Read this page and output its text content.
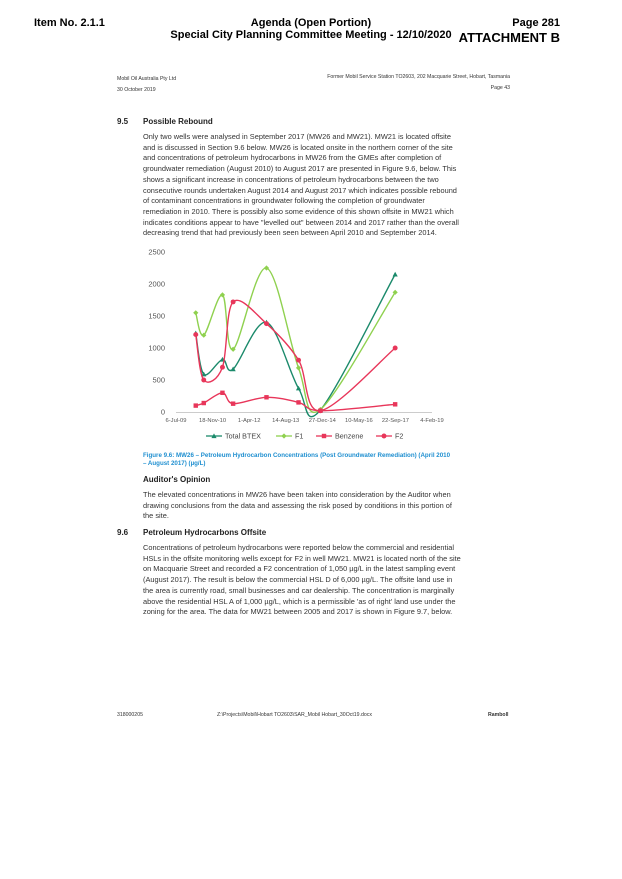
Item No. 2.1.1	Agenda (Open Portion)
Special City Planning Committee Meeting - 12/10/2020
Page 281
ATTACHMENT B
Mobil Oil Australia Pty Ltd
30 October 2019
Former Mobil Service Station TO2603, 202 Macquarie Street, Hobart, Tasmania
Page 43
9.5 Possible Rebound

Only two wells were analysed in September 2017 (MW26 and MW21). MW21 is located offsite

and is discussed in Section 9.6 below. MW26 is located onsite in the northern corner of the site

and concentrations of petroleum hydrocarbons in MW26 from the GMEs after completion of

groundwater remediation (August 2010) to August 2017 are presented in Figure 9.6, below. This

shows a significant increase in concentrations of petroleum hydrocarbons between the two

consecutive rounds undertaken August 2014 and August 2017 which indicates possible rebound

of contaminant concentrations in groundwater following the completion of groundwater

remediation in 2010. There is possibly also some evidence of this shown offsite in MW21 which

indicates conditions appear to have "levelled out" between 2014 and 2017 rather than the overall

decreasing trend that had previously been seen between April 2010 and September 2014.

2500
2000
1500
1000
500
0
6-Jul-09 18-Nov-10 1-Apr-12 14-Aug-13 27-Dec-14 10-May-16 22-Sep-17 4-Feb-19
Total BTEX	F1	Benzene	F2

Figure 9.6: MW26 – Petroleum Hydrocarbon Concentrations (Post Groundwater Remediation) (April 2010

– August 2017) (µg/L)

Auditor's Opinion

The elevated concentrations in MW26 have been taken into consideration by the Auditor when

drawing conclusions from the data and assessing the risk posed by conditions in this portion of

the site.

9.6 Petroleum Hydrocarbons Offsite

Concentrations of petroleum hydrocarbons were reported below the commercial and residential

HSLs in the offsite monitoring wells except for F2 in well MW21. MW21 is located north of the site

on Macquarie Street and recorded a F2 concentration of 1,050 µg/L in the latest sampling event

(August 2017). The result is below the commercial HSL D of 6,000 µg/L. The offsite land use in

the area is currently road, small businesses and car dealership. The concentration is marginally

above the residential HSL A of 1,000 µg/L, which is a permissible 'as of right' land use under the

zoning for the area. The data for MW21 between 2005 and 2017 is shown in Figure 9.7, below.

318000205	Z:\Projects\Mobil\Hobart TO2603\SAR_Mobil Hobart_30Oct19.docx	Ramboll
